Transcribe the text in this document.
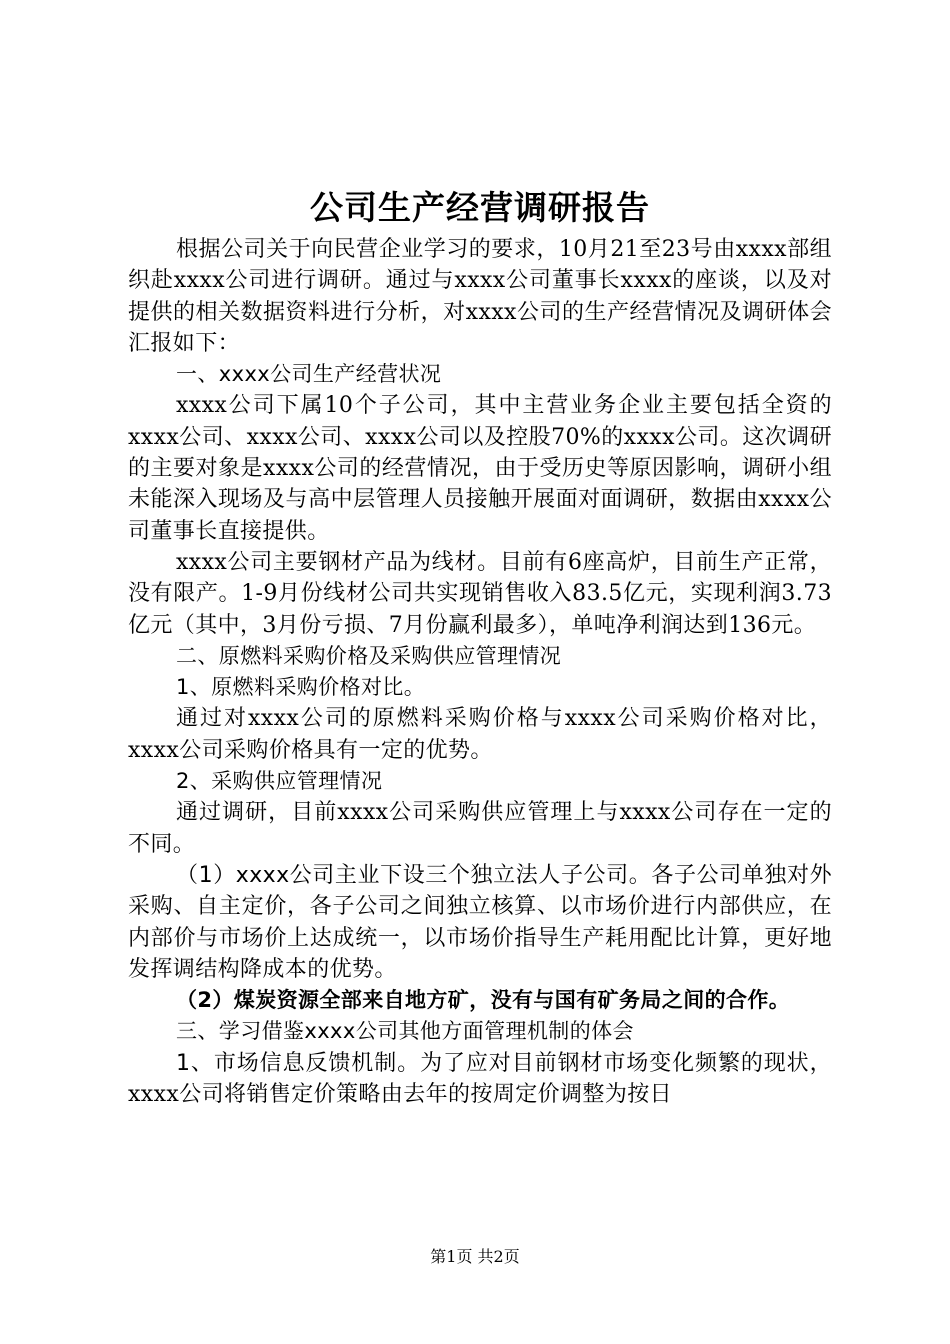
公司生产经营调研报告

根据公司关于向民营企业学习的要求，10月21至23号由xxxx部组织赴xxxx公司进行调研。通过与xxxx公司董事长xxxx的座谈，以及对提供的相关数据资料进行分析，对xxxx公司的生产经营情况及调研体会汇报如下：

一、xxxx公司生产经营状况

xxxx公司下属10个子公司，其中主营业务企业主要包括全资的xxxx公司、xxxx公司、xxxx公司以及控股70%的xxxx公司。这次调研的主要对象是xxxx公司的经营情况，由于受历史等原因影响，调研小组未能深入现场及与高中层管理人员接触开展面对面调研，数据由xxxx公司董事长直接提供。

xxxx公司主要钢材产品为线材。目前有6座高炉，目前生产正常，没有限产。1-9月份线材公司共实现销售收入83.5亿元，实现利润3.73亿元（其中，3月份亏损、7月份赢利最多），单吨净利润达到136元。

二、原燃料采购价格及采购供应管理情况

1、原燃料采购价格对比。

通过对xxxx公司的原燃料采购价格与xxxx公司采购价格对比，xxxx公司采购价格具有一定的优势。

2、采购供应管理情况

通过调研，目前xxxx公司采购供应管理上与xxxx公司存在一定的不同。

（1）xxxx公司主业下设三个独立法人子公司。各子公司单独对外采购、自主定价，各子公司之间独立核算、以市场价进行内部供应，在内部价与市场价上达成统一，以市场价指导生产耗用配比计算，更好地发挥调结构降成本的优势。

（2）煤炭资源全部来自地方矿，没有与国有矿务局之间的合作。

三、学习借鉴xxxx公司其他方面管理机制的体会

1、市场信息反馈机制。为了应对目前钢材市场变化频繁的现状，xxxx公司将销售定价策略由去年的按周定价调整为按日

第1页 共2页
